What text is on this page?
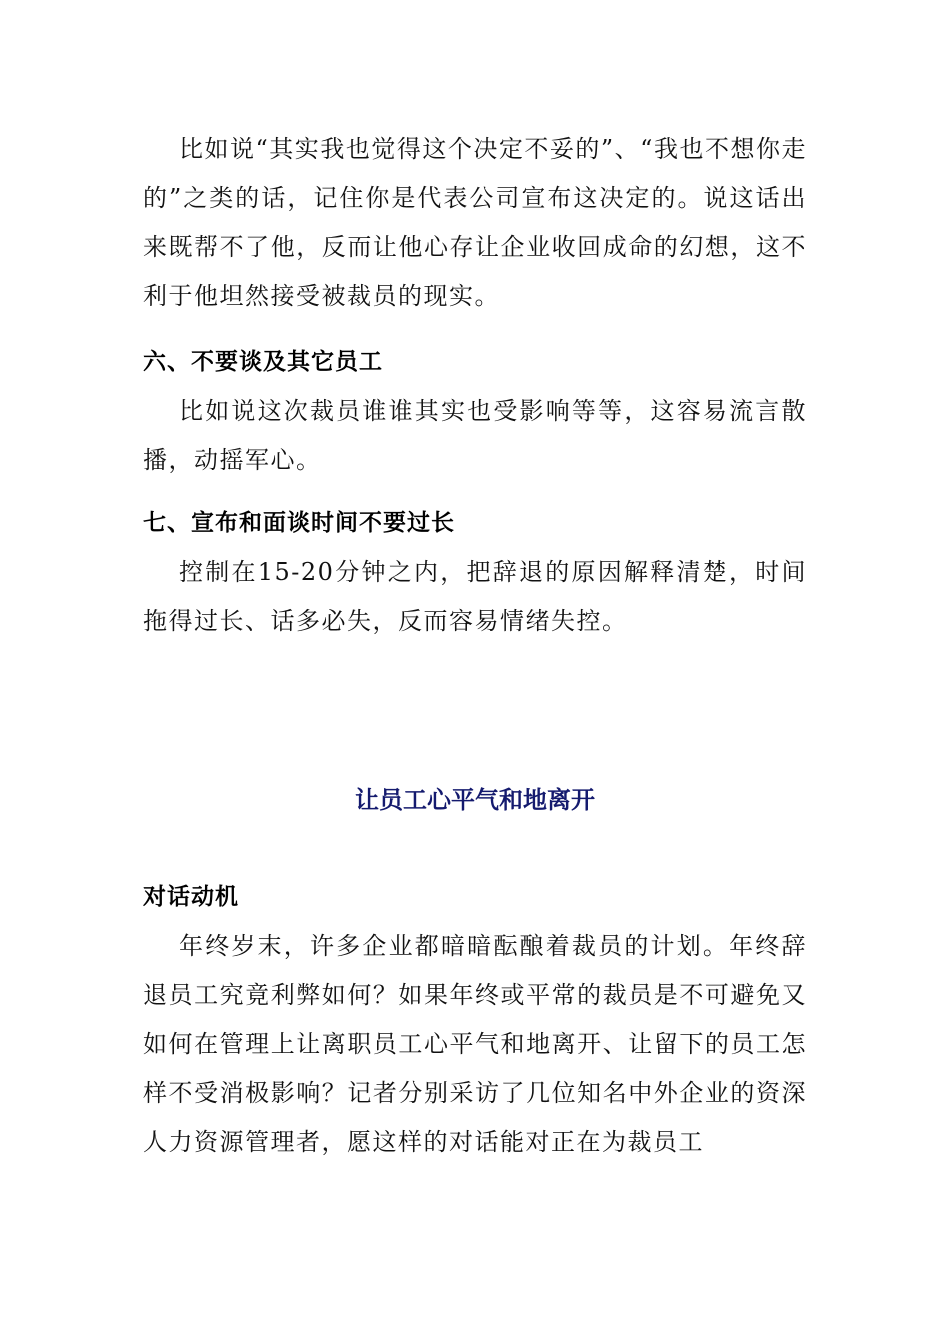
比如说“其实我也觉得这个决定不妥的”、“我也不想你走的”之类的话，记住你是代表公司宣布这决定的。说这话出来既帮不了他，反而让他心存让企业收回成命的幻想，这不利于他坦然接受被裁员的现实。

六、不要谈及其它员工

比如说这次裁员谁谁其实也受影响等等，这容易流言散播，动摇军心。

七、宣布和面谈时间不要过长

控制在15-20分钟之内，把辞退的原因解释清楚，时间拖得过长、话多必失，反而容易情绪失控。

让员工心平气和地离开
对话动机

年终岁末，许多企业都暗暗酝酿着裁员的计划。年终辞退员工究竟利弊如何？如果年终或平常的裁员是不可避免又如何在管理上让离职员工心平气和地离开、让留下的员工怎样不受消极影响？记者分别采访了几位知名中外企业的资深人力资源管理者，愿这样的对话能对正在为裁员工
